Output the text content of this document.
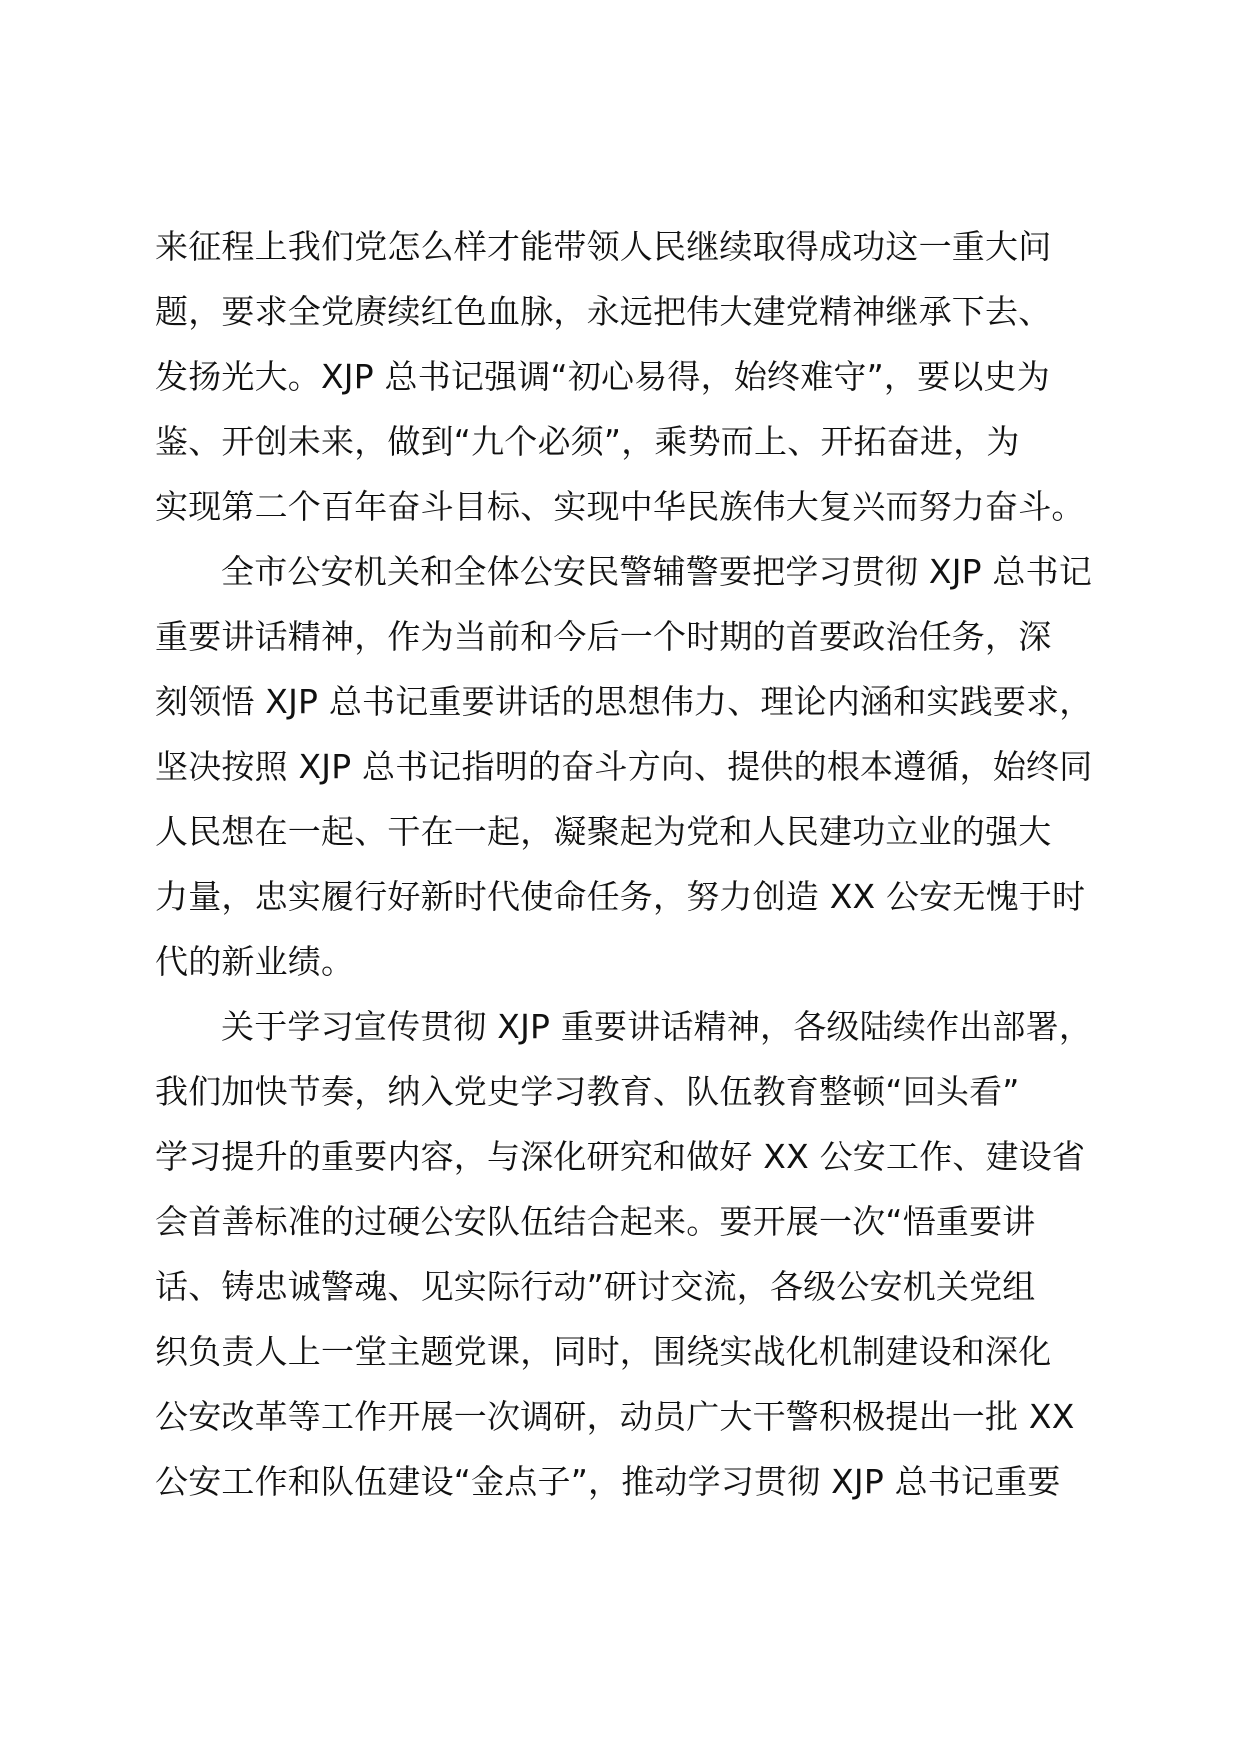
来征程上我们党怎么样才能带领人民继续取得成功这一重大问
题，要求全党赓续红色血脉，永远把伟大建党精神继承下去、
发扬光大。XJP 总书记强调“初心易得，始终难守”，要以史为
鉴、开创未来，做到“九个必须”，乘势而上、开拓奋进，为
实现第二个百年奋斗目标、实现中华民族伟大复兴而努力奋斗。
全市公安机关和全体公安民警辅警要把学习贯彻 XJP 总书记
重要讲话精神，作为当前和今后一个时期的首要政治任务，深
刻领悟 XJP 总书记重要讲话的思想伟力、理论内涵和实践要求，
坚决按照 XJP 总书记指明的奋斗方向、提供的根本遵循，始终同
人民想在一起、干在一起，凝聚起为党和人民建功立业的强大
力量，忠实履行好新时代使命任务，努力创造 XX 公安无愧于时
代的新业绩。
关于学习宣传贯彻 XJP 重要讲话精神，各级陆续作出部署，
我们加快节奏，纳入党史学习教育、队伍教育整顿“回头看”
学习提升的重要内容，与深化研究和做好 XX 公安工作、建设省
会首善标准的过硬公安队伍结合起来。要开展一次“悟重要讲
话、铸忠诚警魂、见实际行动”研讨交流，各级公安机关党组
织负责人上一堂主题党课，同时，围绕实战化机制建设和深化
公安改革等工作开展一次调研，动员广大干警积极提出一批 XX
公安工作和队伍建设“金点子”，推动学习贯彻 XJP 总书记重要
